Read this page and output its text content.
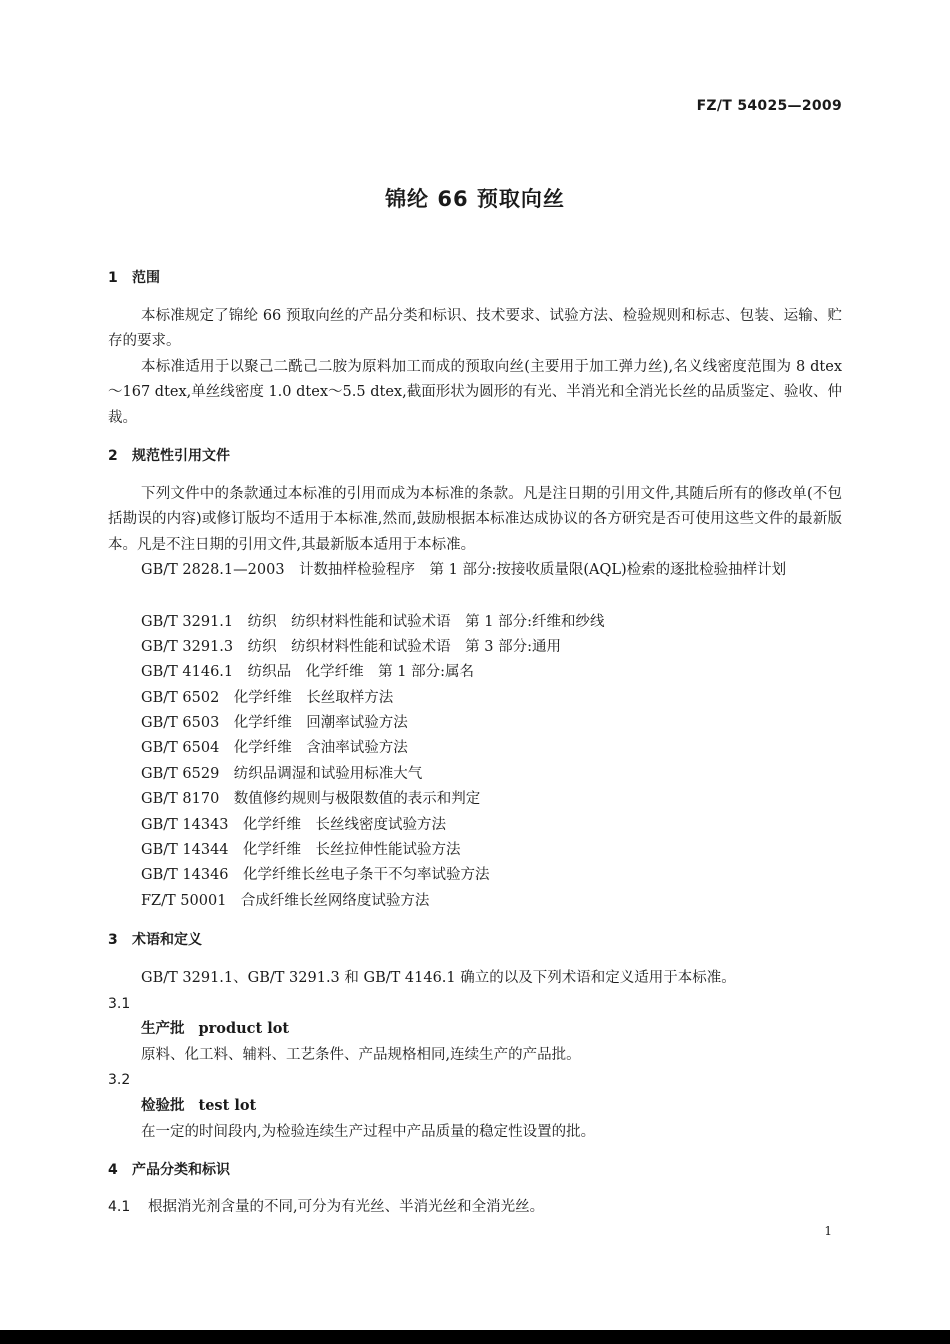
FZ/T 54025—2009
锦纶 66 预取向丝
1 范围
本标准规定了锦纶 66 预取向丝的产品分类和标识、技术要求、试验方法、检验规则和标志、包装、运输、贮存的要求。
本标准适用于以聚己二酰己二胺为原料加工而成的预取向丝(主要用于加工弹力丝),名义线密度范围为 8 dtex～167 dtex,单丝线密度 1.0 dtex～5.5 dtex,截面形状为圆形的有光、半消光和全消光长丝的品质鉴定、验收、仲裁。
2 规范性引用文件
下列文件中的条款通过本标准的引用而成为本标准的条款。凡是注日期的引用文件,其随后所有的修改单(不包括勘误的内容)或修订版均不适用于本标准,然而,鼓励根据本标准达成协议的各方研究是否可使用这些文件的最新版本。凡是不注日期的引用文件,其最新版本适用于本标准。
GB/T 2828.1—2003　计数抽样检验程序　第 1 部分:按接收质量限(AQL)检索的逐批检验抽样计划
GB/T 3291.1　纺织　纺织材料性能和试验术语　第 1 部分:纤维和纱线
GB/T 3291.3　纺织　纺织材料性能和试验术语　第 3 部分:通用
GB/T 4146.1　纺织品　化学纤维　第 1 部分:属名
GB/T 6502　化学纤维　长丝取样方法
GB/T 6503　化学纤维　回潮率试验方法
GB/T 6504　化学纤维　含油率试验方法
GB/T 6529　纺织品调湿和试验用标准大气
GB/T 8170　数值修约规则与极限数值的表示和判定
GB/T 14343　化学纤维　长丝线密度试验方法
GB/T 14344　化学纤维　长丝拉伸性能试验方法
GB/T 14346　化学纤维长丝电子条干不匀率试验方法
FZ/T 50001　合成纤维长丝网络度试验方法
3 术语和定义
GB/T 3291.1、GB/T 3291.3 和 GB/T 4146.1 确立的以及下列术语和定义适用于本标准。
3.1
生产批 product lot
原料、化工料、辅料、工艺条件、产品规格相同,连续生产的产品批。
3.2
检验批 test lot
在一定的时间段内,为检验连续生产过程中产品质量的稳定性设置的批。
4 产品分类和标识
4.1 根据消光剂含量的不同,可分为有光丝、半消光丝和全消光丝。
1
